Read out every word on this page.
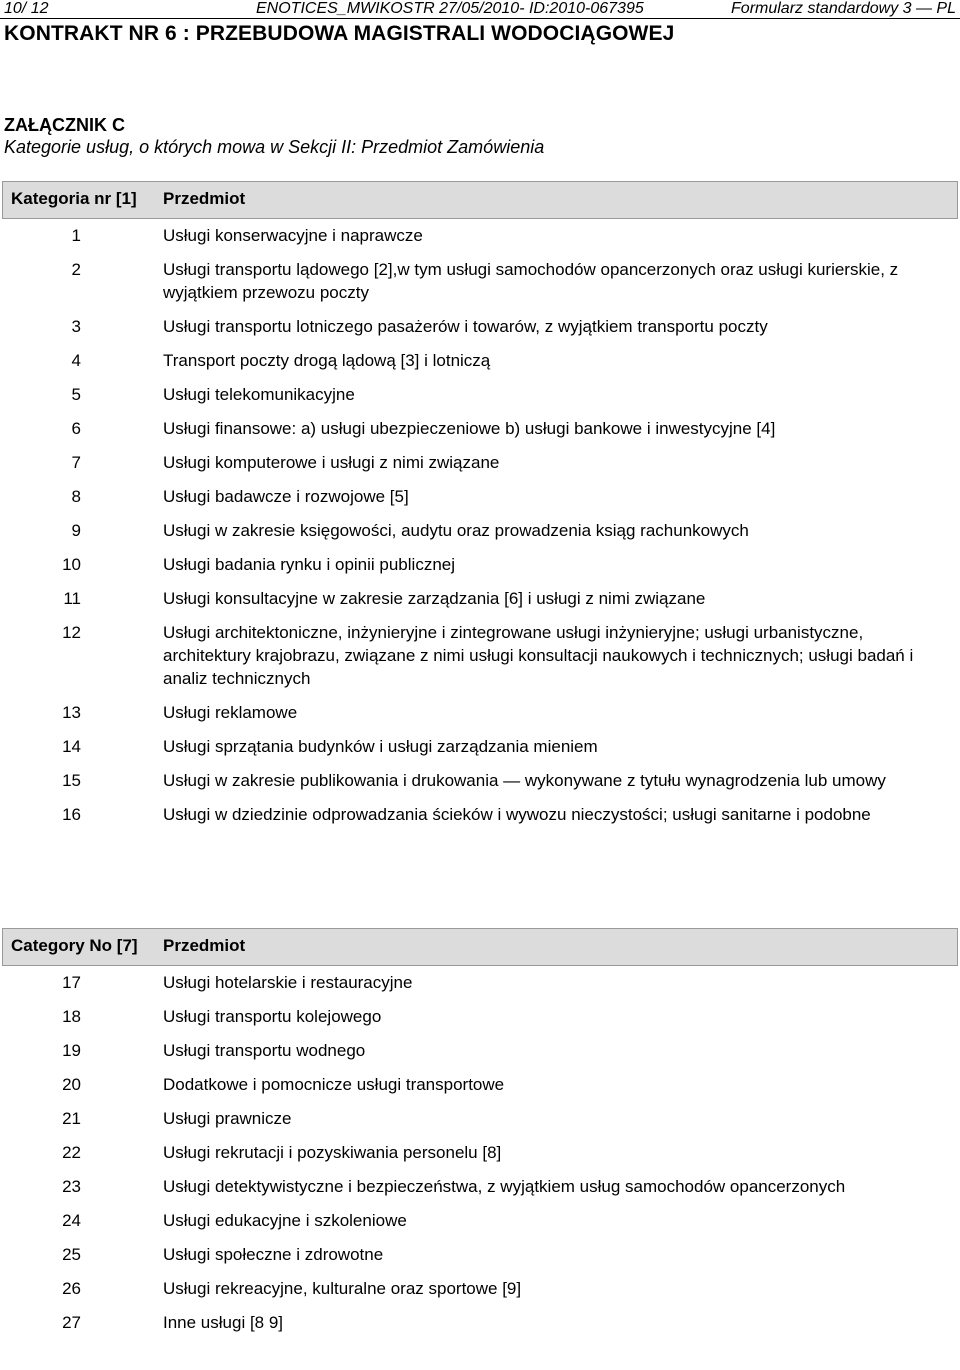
10/ 12	ENOTICES_MWIKOSTR 27/05/2010- ID:2010-067395	Formularz standardowy 3 — PL
KONTRAKT NR 6 : PRZEBUDOWA MAGISTRALI WODOCIĄGOWEJ
ZAŁĄCZNIK C
Kategorie usług, o których mowa w Sekcji II: Przedmiot Zamówienia
Kategoria nr [1]	Przedmiot
1	Usługi konserwacyjne i naprawcze
2	Usługi transportu lądowego [2],w tym usługi samochodów opancerzonych oraz usługi kurierskie, z wyjątkiem przewozu poczty
3	Usługi transportu lotniczego pasażerów i towarów, z wyjątkiem transportu poczty
4	Transport poczty drogą lądową [3] i lotniczą
5	Usługi telekomunikacyjne
6	Usługi finansowe: a) usługi ubezpieczeniowe b) usługi bankowe i inwestycyjne [4]
7	Usługi komputerowe i usługi z nimi związane
8	Usługi badawcze i rozwojowe [5]
9	Usługi w zakresie księgowości, audytu oraz prowadzenia ksiąg rachunkowych
10	Usługi badania rynku i opinii publicznej
11	Usługi konsultacyjne w zakresie zarządzania [6] i usługi z nimi związane
12	Usługi architektoniczne, inżynieryjne i zintegrowane usługi inżynieryjne; usługi urbanistyczne, architektury krajobrazu, związane z nimi usługi konsultacji naukowych i technicznych; usługi badań i analiz technicznych
13	Usługi reklamowe
14	Usługi sprzątania budynków i usługi zarządzania mieniem
15	Usługi w zakresie publikowania i drukowania — wykonywane z tytułu wynagrodzenia lub umowy
16	Usługi w dziedzinie odprowadzania ścieków i wywozu nieczystości; usługi sanitarne i podobne
Category No [7]	Przedmiot
17	Usługi hotelarskie i restauracyjne
18	Usługi transportu kolejowego
19	Usługi transportu wodnego
20	Dodatkowe i pomocnicze usługi transportowe
21	Usługi prawnicze
22	Usługi rekrutacji i pozyskiwania personelu [8]
23	Usługi detektywistyczne i bezpieczeństwa, z wyjątkiem usług samochodów opancerzonych
24	Usługi edukacyjne i szkoleniowe
25	Usługi społeczne i zdrowotne
26	Usługi rekreacyjne, kulturalne oraz sportowe [9]
27	Inne usługi [8 9]
